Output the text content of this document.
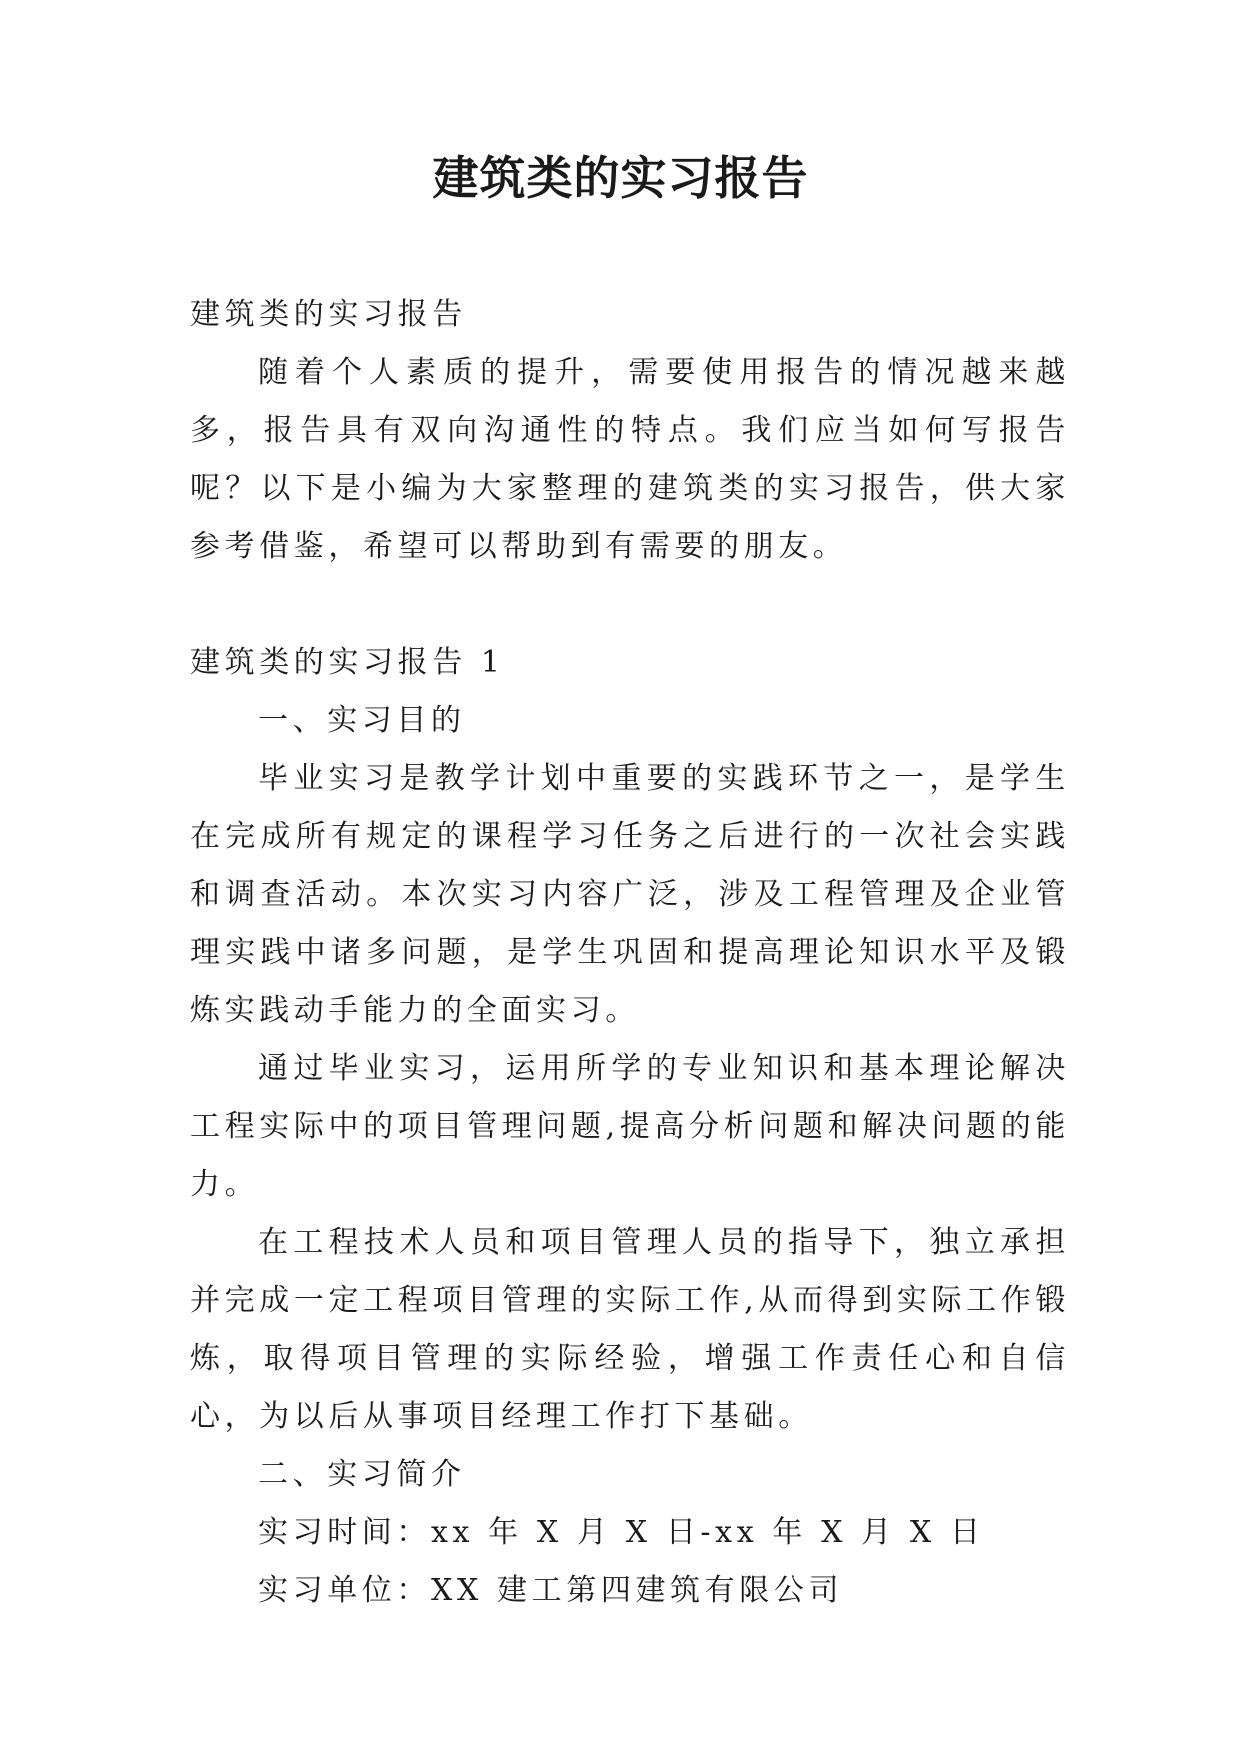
建筑类的实习报告

建筑类的实习报告

随着个人素质的提升，需要使用报告的情况越来越多，报告具有双向沟通性的特点。我们应当如何写报告呢？以下是小编为大家整理的建筑类的实习报告，供大家参考借鉴，希望可以帮助到有需要的朋友。

建筑类的实习报告 1

一、实习目的

毕业实习是教学计划中重要的实践环节之一，是学生在完成所有规定的课程学习任务之后进行的一次社会实践和调查活动。本次实习内容广泛，涉及工程管理及企业管理实践中诸多问题，是学生巩固和提高理论知识水平及锻炼实践动手能力的全面实习。

通过毕业实习，运用所学的专业知识和基本理论解决工程实际中的项目管理问题,提高分析问题和解决问题的能力。

在工程技术人员和项目管理人员的指导下，独立承担并完成一定工程项目管理的实际工作,从而得到实际工作锻炼，取得项目管理的实际经验，增强工作责任心和自信心，为以后从事项目经理工作打下基础。

二、实习简介

实习时间：xx 年 X 月 X 日-xx 年 X 月 X 日

实习单位：XX 建工第四建筑有限公司
